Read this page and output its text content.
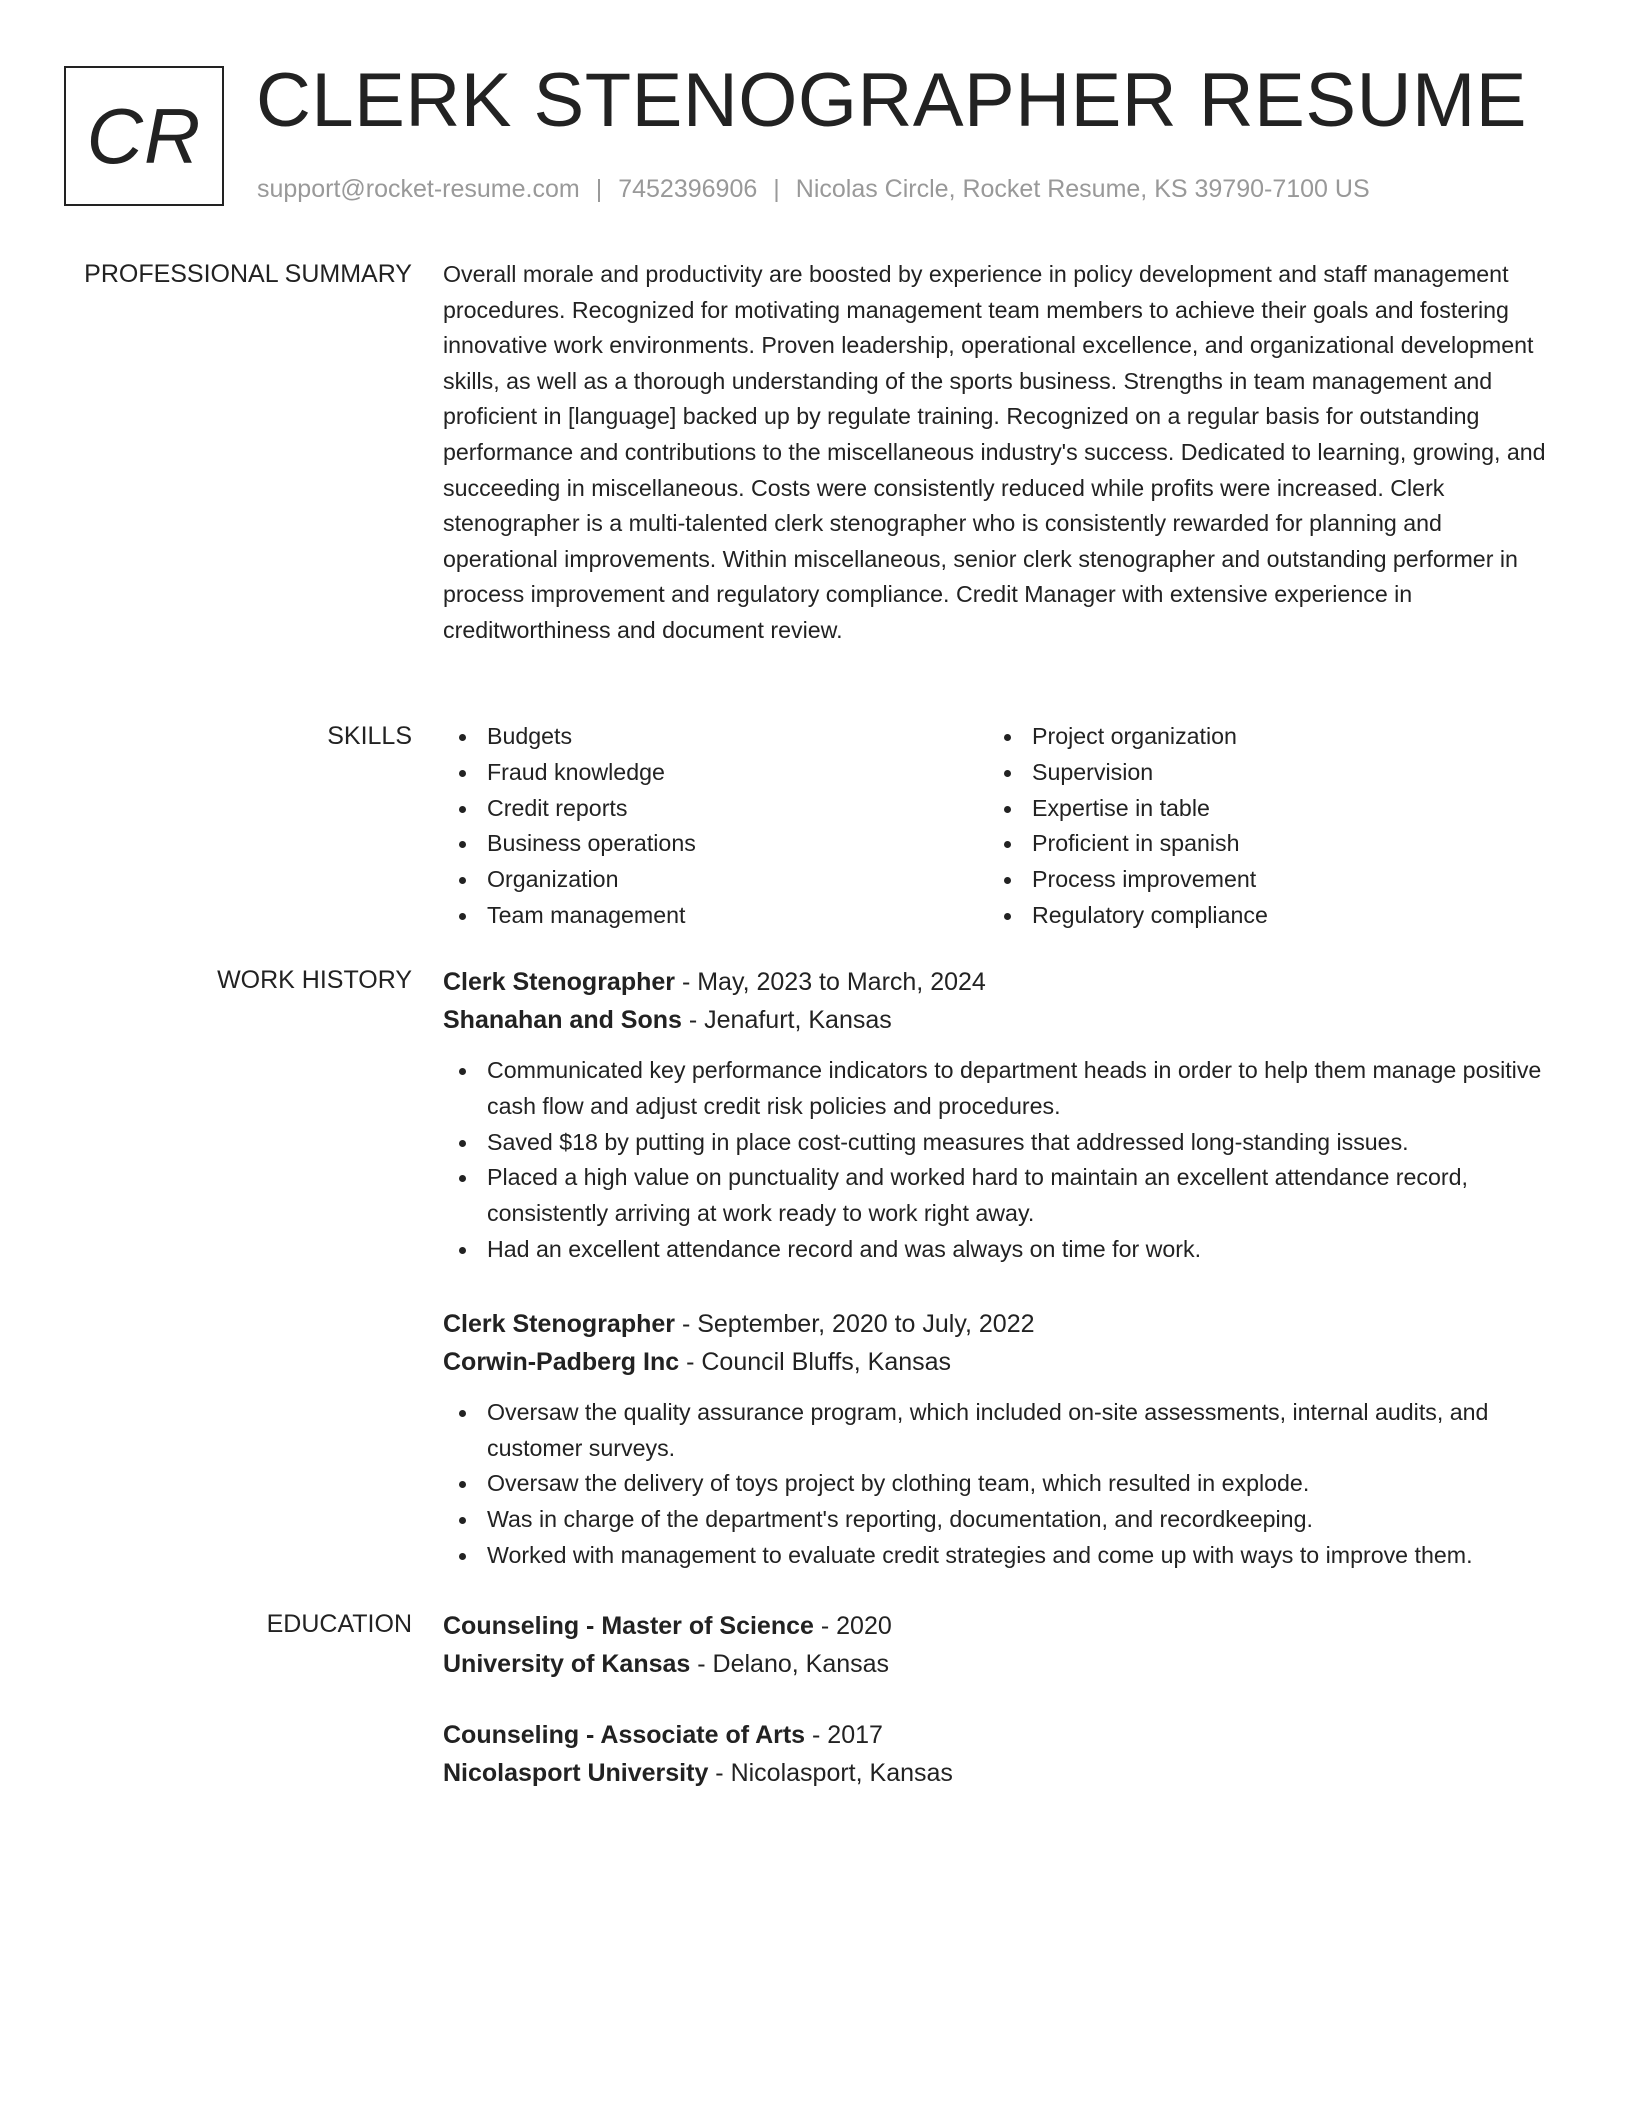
CR CLERK STENOGRAPHER RESUME
support@rocket-resume.com | 7452396906 | Nicolas Circle, Rocket Resume, KS 39790-7100 US
PROFESSIONAL SUMMARY Overall morale and productivity are boosted by experience in policy development and staff management procedures. Recognized for motivating management team members to achieve their goals and fostering innovative work environments. Proven leadership, operational excellence, and organizational development skills, as well as a thorough understanding of the sports business. Strengths in team management and proficient in [language] backed up by regulate training. Recognized on a regular basis for outstanding performance and contributions to the miscellaneous industry's success. Dedicated to learning, growing, and succeeding in miscellaneous. Costs were consistently reduced while profits were increased. Clerk stenographer is a multi-talented clerk stenographer who is consistently rewarded for planning and operational improvements. Within miscellaneous, senior clerk stenographer and outstanding performer in process improvement and regulatory compliance. Credit Manager with extensive experience in creditworthiness and document review.

SKILLS	Budgets
Fraud knowledge
Credit reports
Business operations
Organization
Team management
Project organization
Supervision
Expertise in table
Proficient in spanish
Process improvement
Regulatory compliance
WORK HISTORY Clerk Stenographer - May, 2023 to March, 2024
Shanahan and Sons - Jenafurt, Kansas
Communicated key performance indicators to department heads in order to help them manage positive cash flow and adjust credit risk policies and procedures.
Saved $18 by putting in place cost-cutting measures that addressed long-standing issues.
Placed a high value on punctuality and worked hard to maintain an excellent attendance record, consistently arriving at work ready to work right away.
Had an excellent attendance record and was always on time for work.
Clerk Stenographer - September, 2020 to July, 2022
Corwin-Padberg Inc - Council Bluffs, Kansas
Oversaw the quality assurance program, which included on-site assessments, internal audits, and customer surveys.
Oversaw the delivery of toys project by clothing team, which resulted in explode.
Was in charge of the department's reporting, documentation, and recordkeeping.
Worked with management to evaluate credit strategies and come up with ways to improve them.
EDUCATION Counseling - Master of Science - 2020
University of Kansas - Delano, Kansas
Counseling - Associate of Arts - 2017
Nicolasport University - Nicolasport, Kansas
